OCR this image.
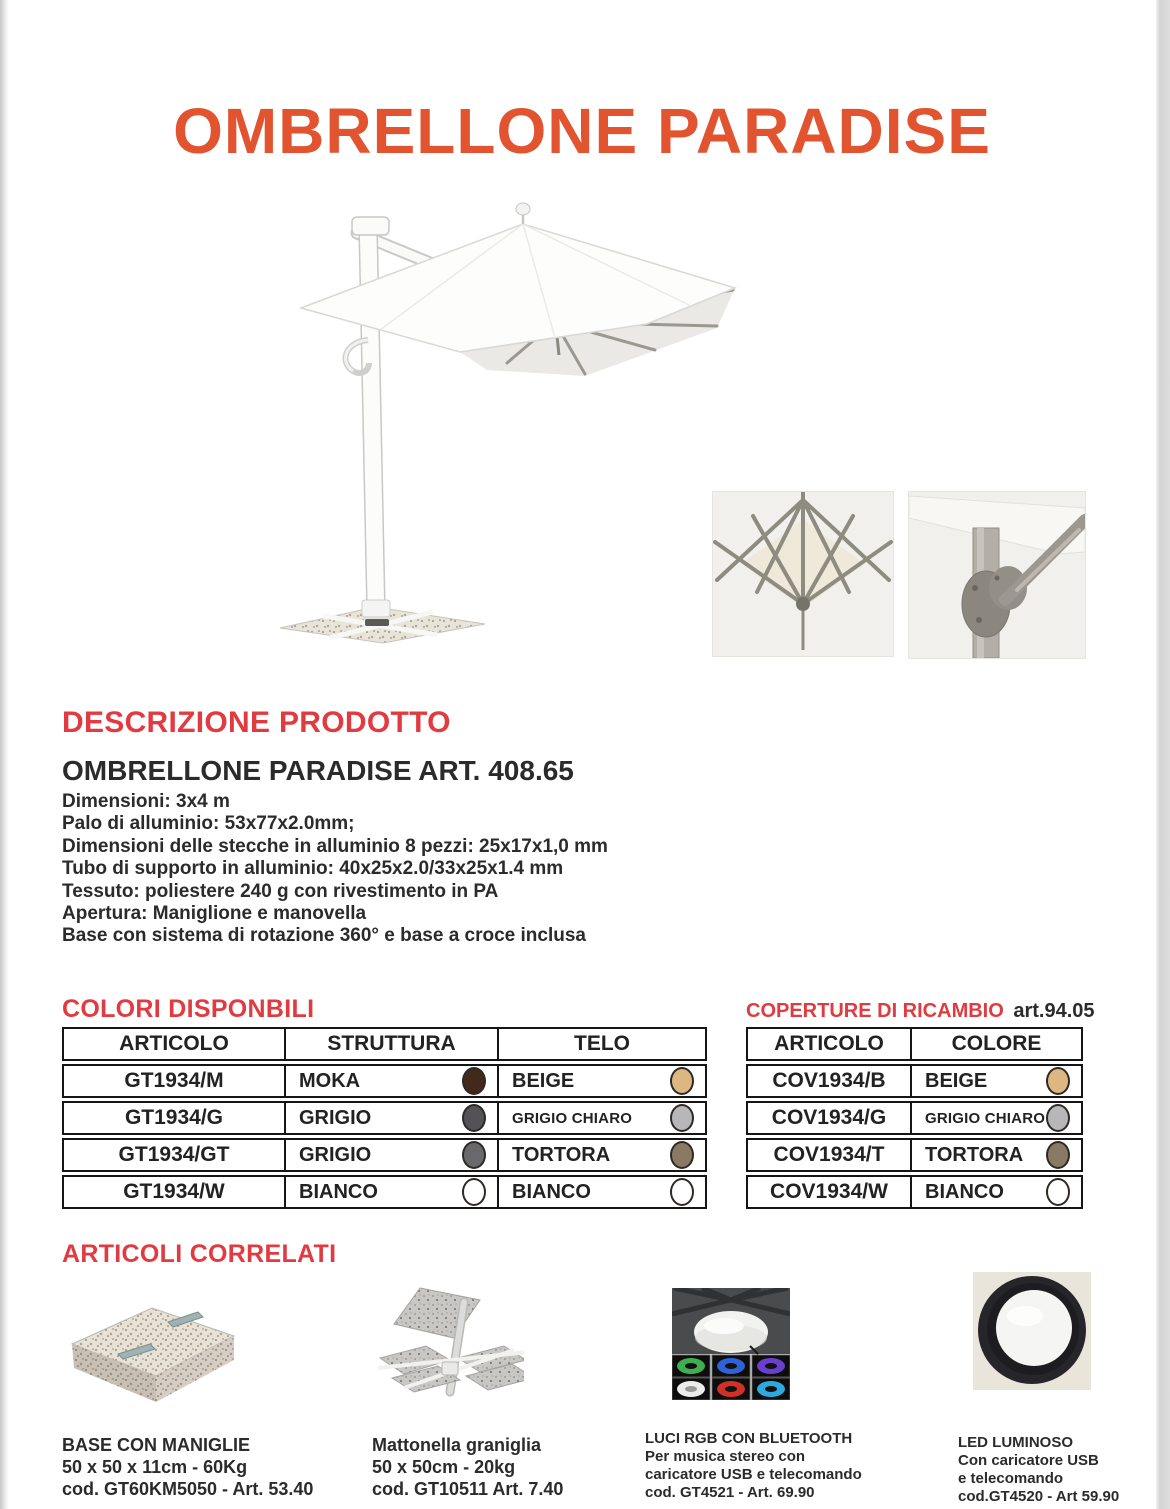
OMBRELLONE PARADISE
DESCRIZIONE PRODOTTO
OMBRELLONE PARADISE ART. 408.65
Dimensioni: 3x4 m
Palo di alluminio: 53x77x2.0mm;
Dimensioni delle stecche in alluminio 8 pezzi: 25x17x1,0 mm
Tubo di supporto in alluminio: 40x25x2.0/33x25x1.4 mm
Tessuto: poliestere 240 g con rivestimento in PA
Apertura: Maniglione e manovella
Base con sistema di rotazione 360° e base a croce inclusa
COLORI DISPONBILI
ARTICOLO	STRUTTURA	TELO
GT1934/M	MOKA	BEIGE
GT1934/G	GRIGIO	GRIGIO CHIARO
GT1934/GT	GRIGIO	TORTORA
GT1934/W	BIANCO	BIANCO
COPERTURE DI RICAMBIO art.94.05
ARTICOLO	COLORE
COV1934/B	BEIGE
COV1934/G	GRIGIO CHIARO
COV1934/T	TORTORA
COV1934/W	BIANCO
ARTICOLI CORRELATI
BASE CON MANIGLIE
50 x 50 x 11cm - 60Kg
cod. GT60KM5050 - Art. 53.40
Mattonella graniglia
50 x 50cm - 20kg
cod. GT10511 Art. 7.40
LUCI RGB CON BLUETOOTH
Per musica stereo con
caricatore USB e telecomando
cod. GT4521 - Art. 69.90
LED LUMINOSO
Con caricatore USB
e telecomando
cod.GT4520 - Art 59.90
